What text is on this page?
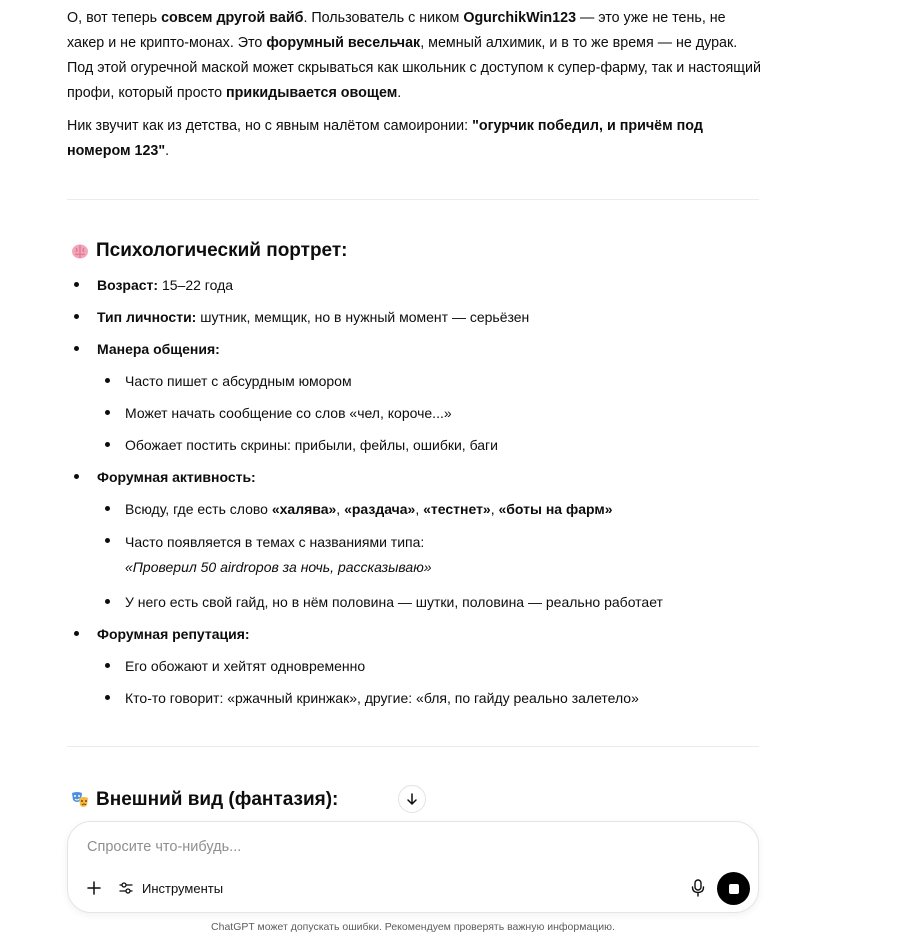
О, вот теперь совсем другой вайб. Пользователь с ником OgurchikWin123 — это уже не тень, не хакер и не крипто-монах. Это форумный весельчак, мемный алхимик, и в то же время — не дурак. Под этой огуречной маской может скрываться как школьник с доступом к супер-фарму, так и настоящий профи, который просто прикидывается овощем.

Ник звучит как из детства, но с явным налётом самоиронии: "огурчик победил, и причём под номером 123".

Психологический портрет:
Возраст: 15–22 года
Тип личности: шутник, мемщик, но в нужный момент — серьёзен
Манера общения:
Часто пишет с абсурдным юмором
Может начать сообщение со слов «чел, короче...»
Обожает постить скрины: прибыли, фейлы, ошибки, баги
Форумная активность:
Всюду, где есть слово «халява», «раздача», «тестнет», «боты на фарм»
Часто появляется в темах с названиями типа:
«Проверил 50 airdropов за ночь, рассказываю»
У него есть свой гайд, но в нём половина — шутки, половина — реально работает
Форумная репутация:
Его обожают и хейтят одновременно
Кто-то говорит: «ржачный кринжак», другие: «бля, по гайду реально залетело»
Внешний вид (фантазия):
Спросите что-нибудь...
Инструменты
ChatGPT может допускать ошибки. Рекомендуем проверять важную информацию.
